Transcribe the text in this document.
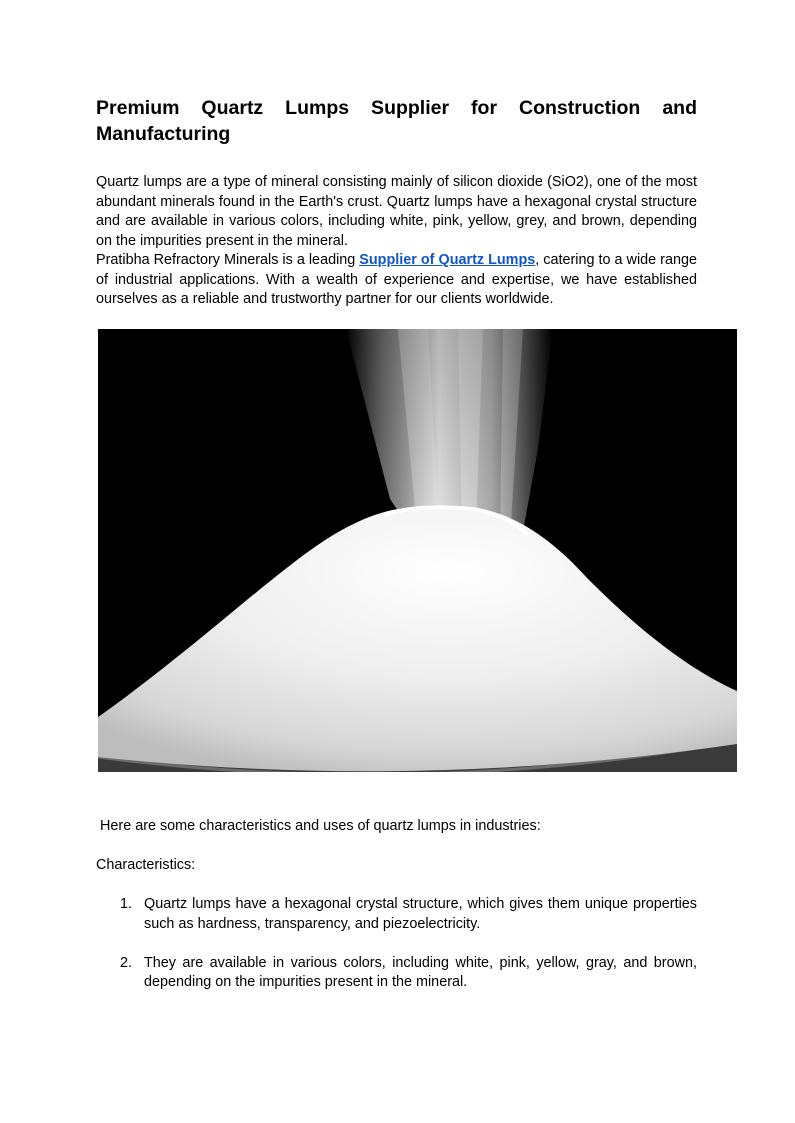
Premium Quartz Lumps Supplier for Construction and Manufacturing

Quartz lumps are a type of mineral consisting mainly of silicon dioxide (SiO2), one of the most abundant minerals found in the Earth's crust. Quartz lumps have a hexagonal crystal structure and are available in various colors, including white, pink, yellow, grey, and brown, depending on the impurities present in the mineral.

Pratibha Refractory Minerals is a leading Supplier of Quartz Lumps, catering to a wide range of industrial applications. With a wealth of experience and expertise, we have established ourselves as a reliable and trustworthy partner for our clients worldwide.

Here are some characteristics and uses of quartz lumps in industries:

Characteristics:

1. Quartz lumps have a hexagonal crystal structure, which gives them unique properties such as hardness, transparency, and piezoelectricity.
2. They are available in various colors, including white, pink, yellow, gray, and brown, depending on the impurities present in the mineral.
